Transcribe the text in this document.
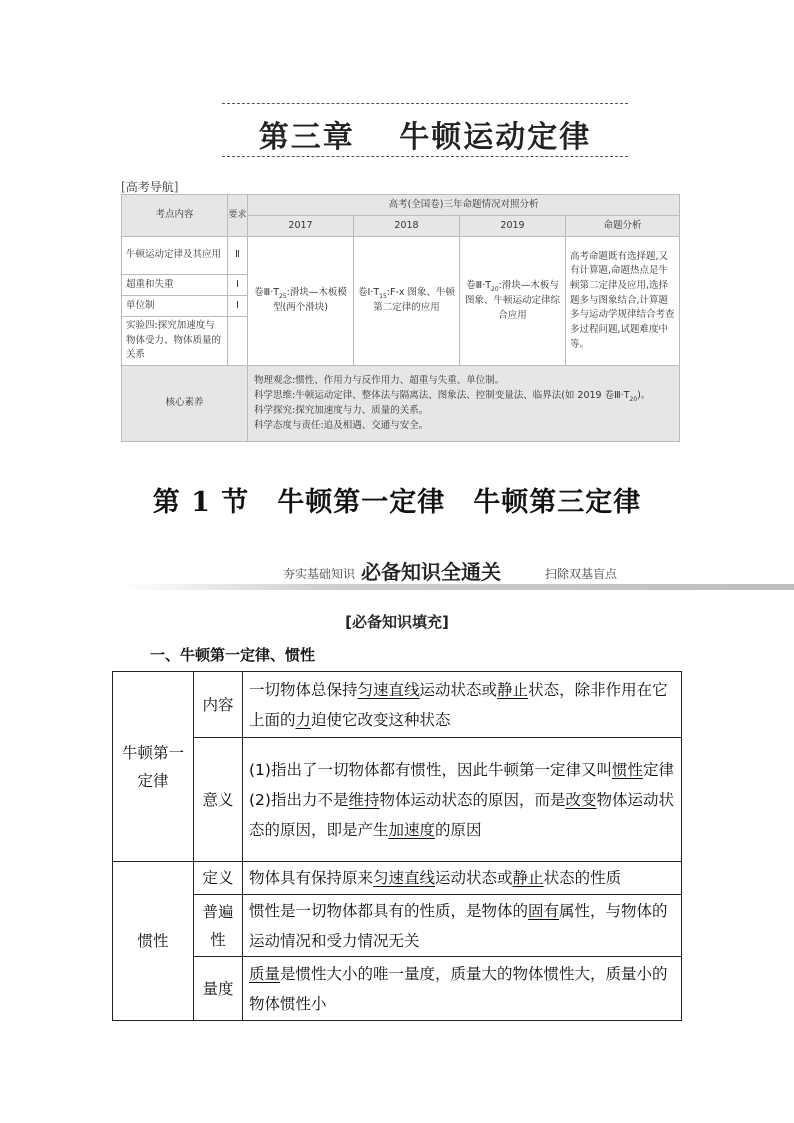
第三章　 牛顿运动定律
[高考导航]
考点内容	要求	高考(全国卷)三年命题情况对照分析			
		2017	2018	2019	命题分析
牛顿运动定律及其应用	Ⅱ	卷$Ⅲ\cdot T_{25}$:滑块—木板模型(两个滑块)	卷$Ⅰ\cdot T_{15}:F-x$ 图象、牛顿第二定律的应用	卷$Ⅲ\cdot T_{20}$:滑块—木板与图象、牛顿运动定律综合应用	高考命题既有选择题,又有计算题,命题热点是牛顿第二定律及应用,选择题多与图象结合,计算题多与运动学规律结合考查多过程问题,试题难度中等。
超重和失重	Ⅰ				
单位制	Ⅰ				
实验四:探究加速度与物体受力、物体质量的关系					
核心素养		物理观念:惯性、作用力与反作用力、超重与失重、单位制。
科学思维:牛顿运动定律、整体法与隔离法、图象法、控制变量法、临界法(如 2019 卷$Ⅲ\cdot T_{20}$)。
科学探究:探究加速度与力、质量的关系。
科学态度与责任:追及相遇、交通与安全。			
第 1 节　牛顿第一定律　牛顿第三定律
夯实基础知识 必备知识全通关	扫除双基盲点
[必备知识填充]
一、牛顿第一定律、惯性
牛顿第一定律	内容	一切物体总保持匀速直线运动状态或静止状态，除非作用在它上面的力迫使它改变这种状态
	意义	(1)指出了一切物体都有惯性，因此牛顿第一定律又叫惯性定律
(2)指出力不是维持物体运动状态的原因，而是改变物体运动状态的原因，即是产生加速度的原因

惯性	定义	物体具有保持原来匀速直线运动状态或静止状态的性质
	普遍性	惯性是一切物体都具有的性质，是物体的固有属性，与物体的运动情况和受力情况无关
	量度	质量是惯性大小的唯一量度，质量大的物体惯性大，质量小的物体惯性小
